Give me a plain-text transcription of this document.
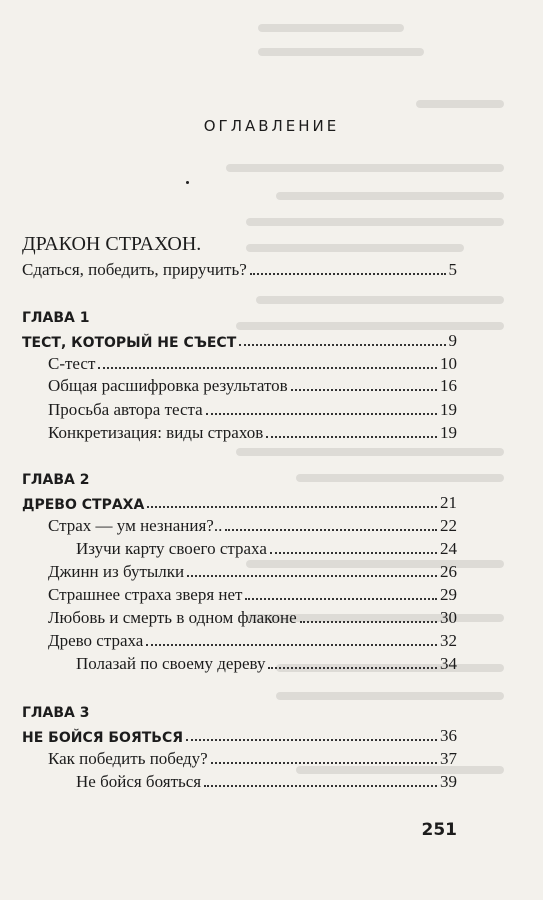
ОГЛАВЛЕНИЕ
ДРАКОН СТРАХОН.
Сдаться, победить, приручить?	5
ГЛАВА 1
ТЕСТ, КОТОРЫЙ НЕ СЪЕСТ	9
С-тест	10
Общая расшифровка результатов	16
Просьба автора теста	19
Конкретизация: виды страхов	19
ГЛАВА 2
ДРЕВО СТРАХА	21
Страх — ум незнания?..	22
Изучи карту своего страха	24
Джинн из бутылки	26
Страшнее страха зверя нет	29
Любовь и смерть в одном флаконе	30
Древо страха	32
Полазай по своему дереву	34
ГЛАВА 3
НЕ БОЙСЯ БОЯТЬСЯ	36
Как победить победу?	37
Не бойся бояться	39
251
